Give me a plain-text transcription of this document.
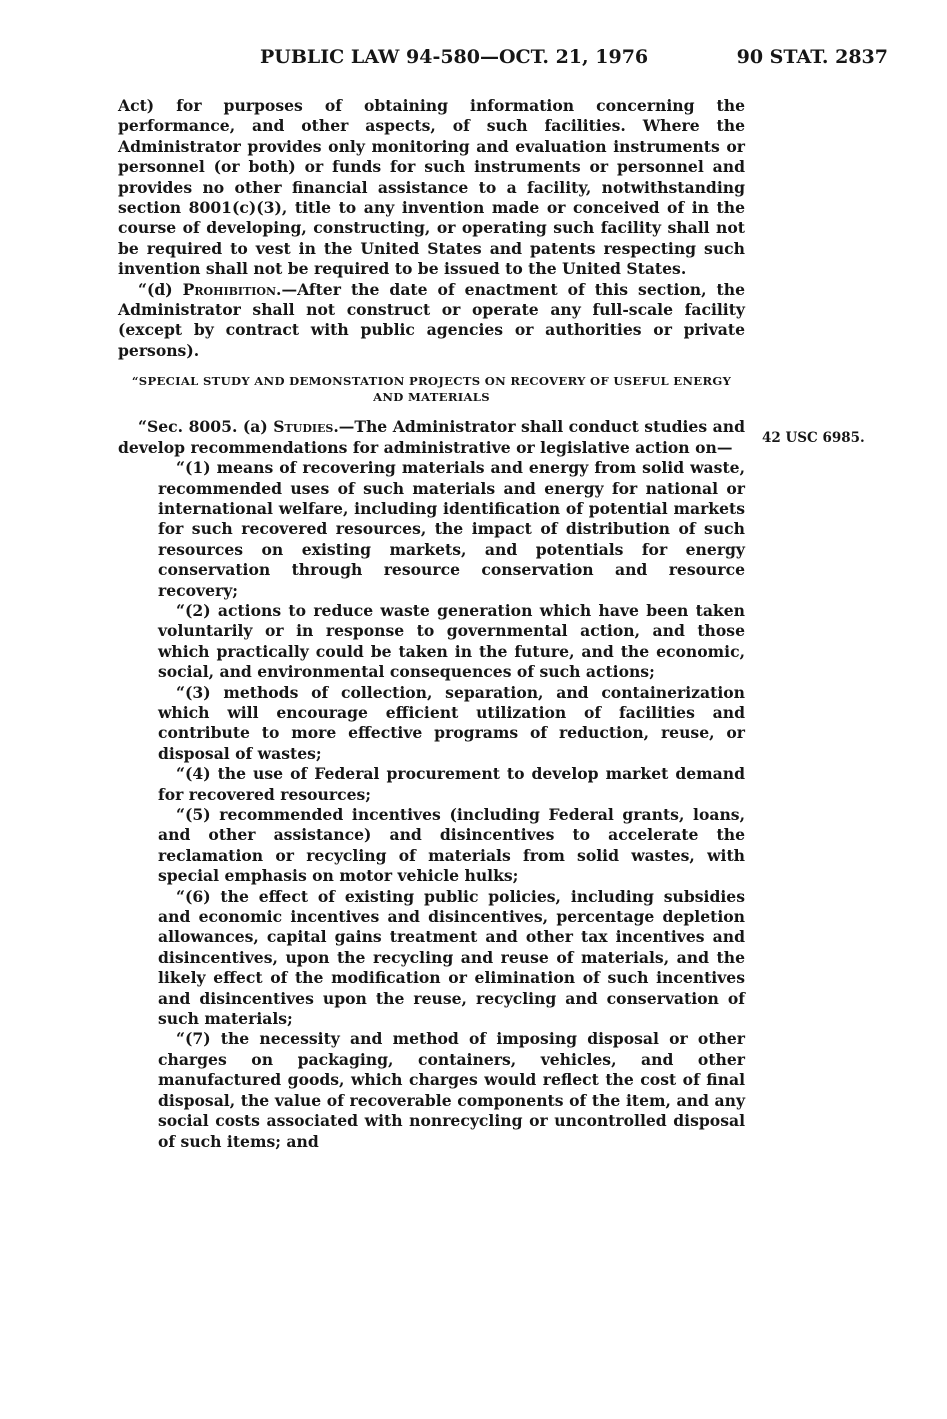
PUBLIC LAW 94-580—OCT. 21, 1976	90 STAT. 2837
42 USC 6985.

Act) for purposes of obtaining information concerning the performance, and other aspects, of such facilities. Where the Administrator provides only monitoring and evaluation instruments or personnel (or both) or funds for such instruments or personnel and provides no other financial assistance to a facility, notwithstanding section 8001(c)(3), title to any invention made or conceived of in the course of developing, constructing, or operating such facility shall not be required to vest in the United States and patents respecting such invention shall not be required to be issued to the United States.

“(d) Prohibition.—After the date of enactment of this section, the Administrator shall not construct or operate any full-scale facility (except by contract with public agencies or authorities or private persons).

“SPECIAL STUDY AND DEMONSTATION PROJECTS ON RECOVERY OF USEFUL ENERGY AND MATERIALS

“Sec. 8005. (a) Studies.—The Administrator shall conduct studies and develop recommendations for administrative or legislative action on—

“(1) means of recovering materials and energy from solid waste, recommended uses of such materials and energy for national or international welfare, including identification of potential markets for such recovered resources, the impact of distribution of such resources on existing markets, and potentials for energy conservation through resource conservation and resource recovery;

“(2) actions to reduce waste generation which have been taken voluntarily or in response to governmental action, and those which practically could be taken in the future, and the economic, social, and environmental consequences of such actions;

“(3) methods of collection, separation, and containerization which will encourage efficient utilization of facilities and contribute to more effective programs of reduction, reuse, or disposal of wastes;

“(4) the use of Federal procurement to develop market demand for recovered resources;

“(5) recommended incentives (including Federal grants, loans, and other assistance) and disincentives to accelerate the reclamation or recycling of materials from solid wastes, with special emphasis on motor vehicle hulks;

“(6) the effect of existing public policies, including subsidies and economic incentives and disincentives, percentage depletion allowances, capital gains treatment and other tax incentives and disincentives, upon the recycling and reuse of materials, and the likely effect of the modification or elimination of such incentives and disincentives upon the reuse, recycling and conservation of such materials;

“(7) the necessity and method of imposing disposal or other charges on packaging, containers, vehicles, and other manufactured goods, which charges would reflect the cost of final disposal, the value of recoverable components of the item, and any social costs associated with nonrecycling or uncontrolled disposal of such items; and
